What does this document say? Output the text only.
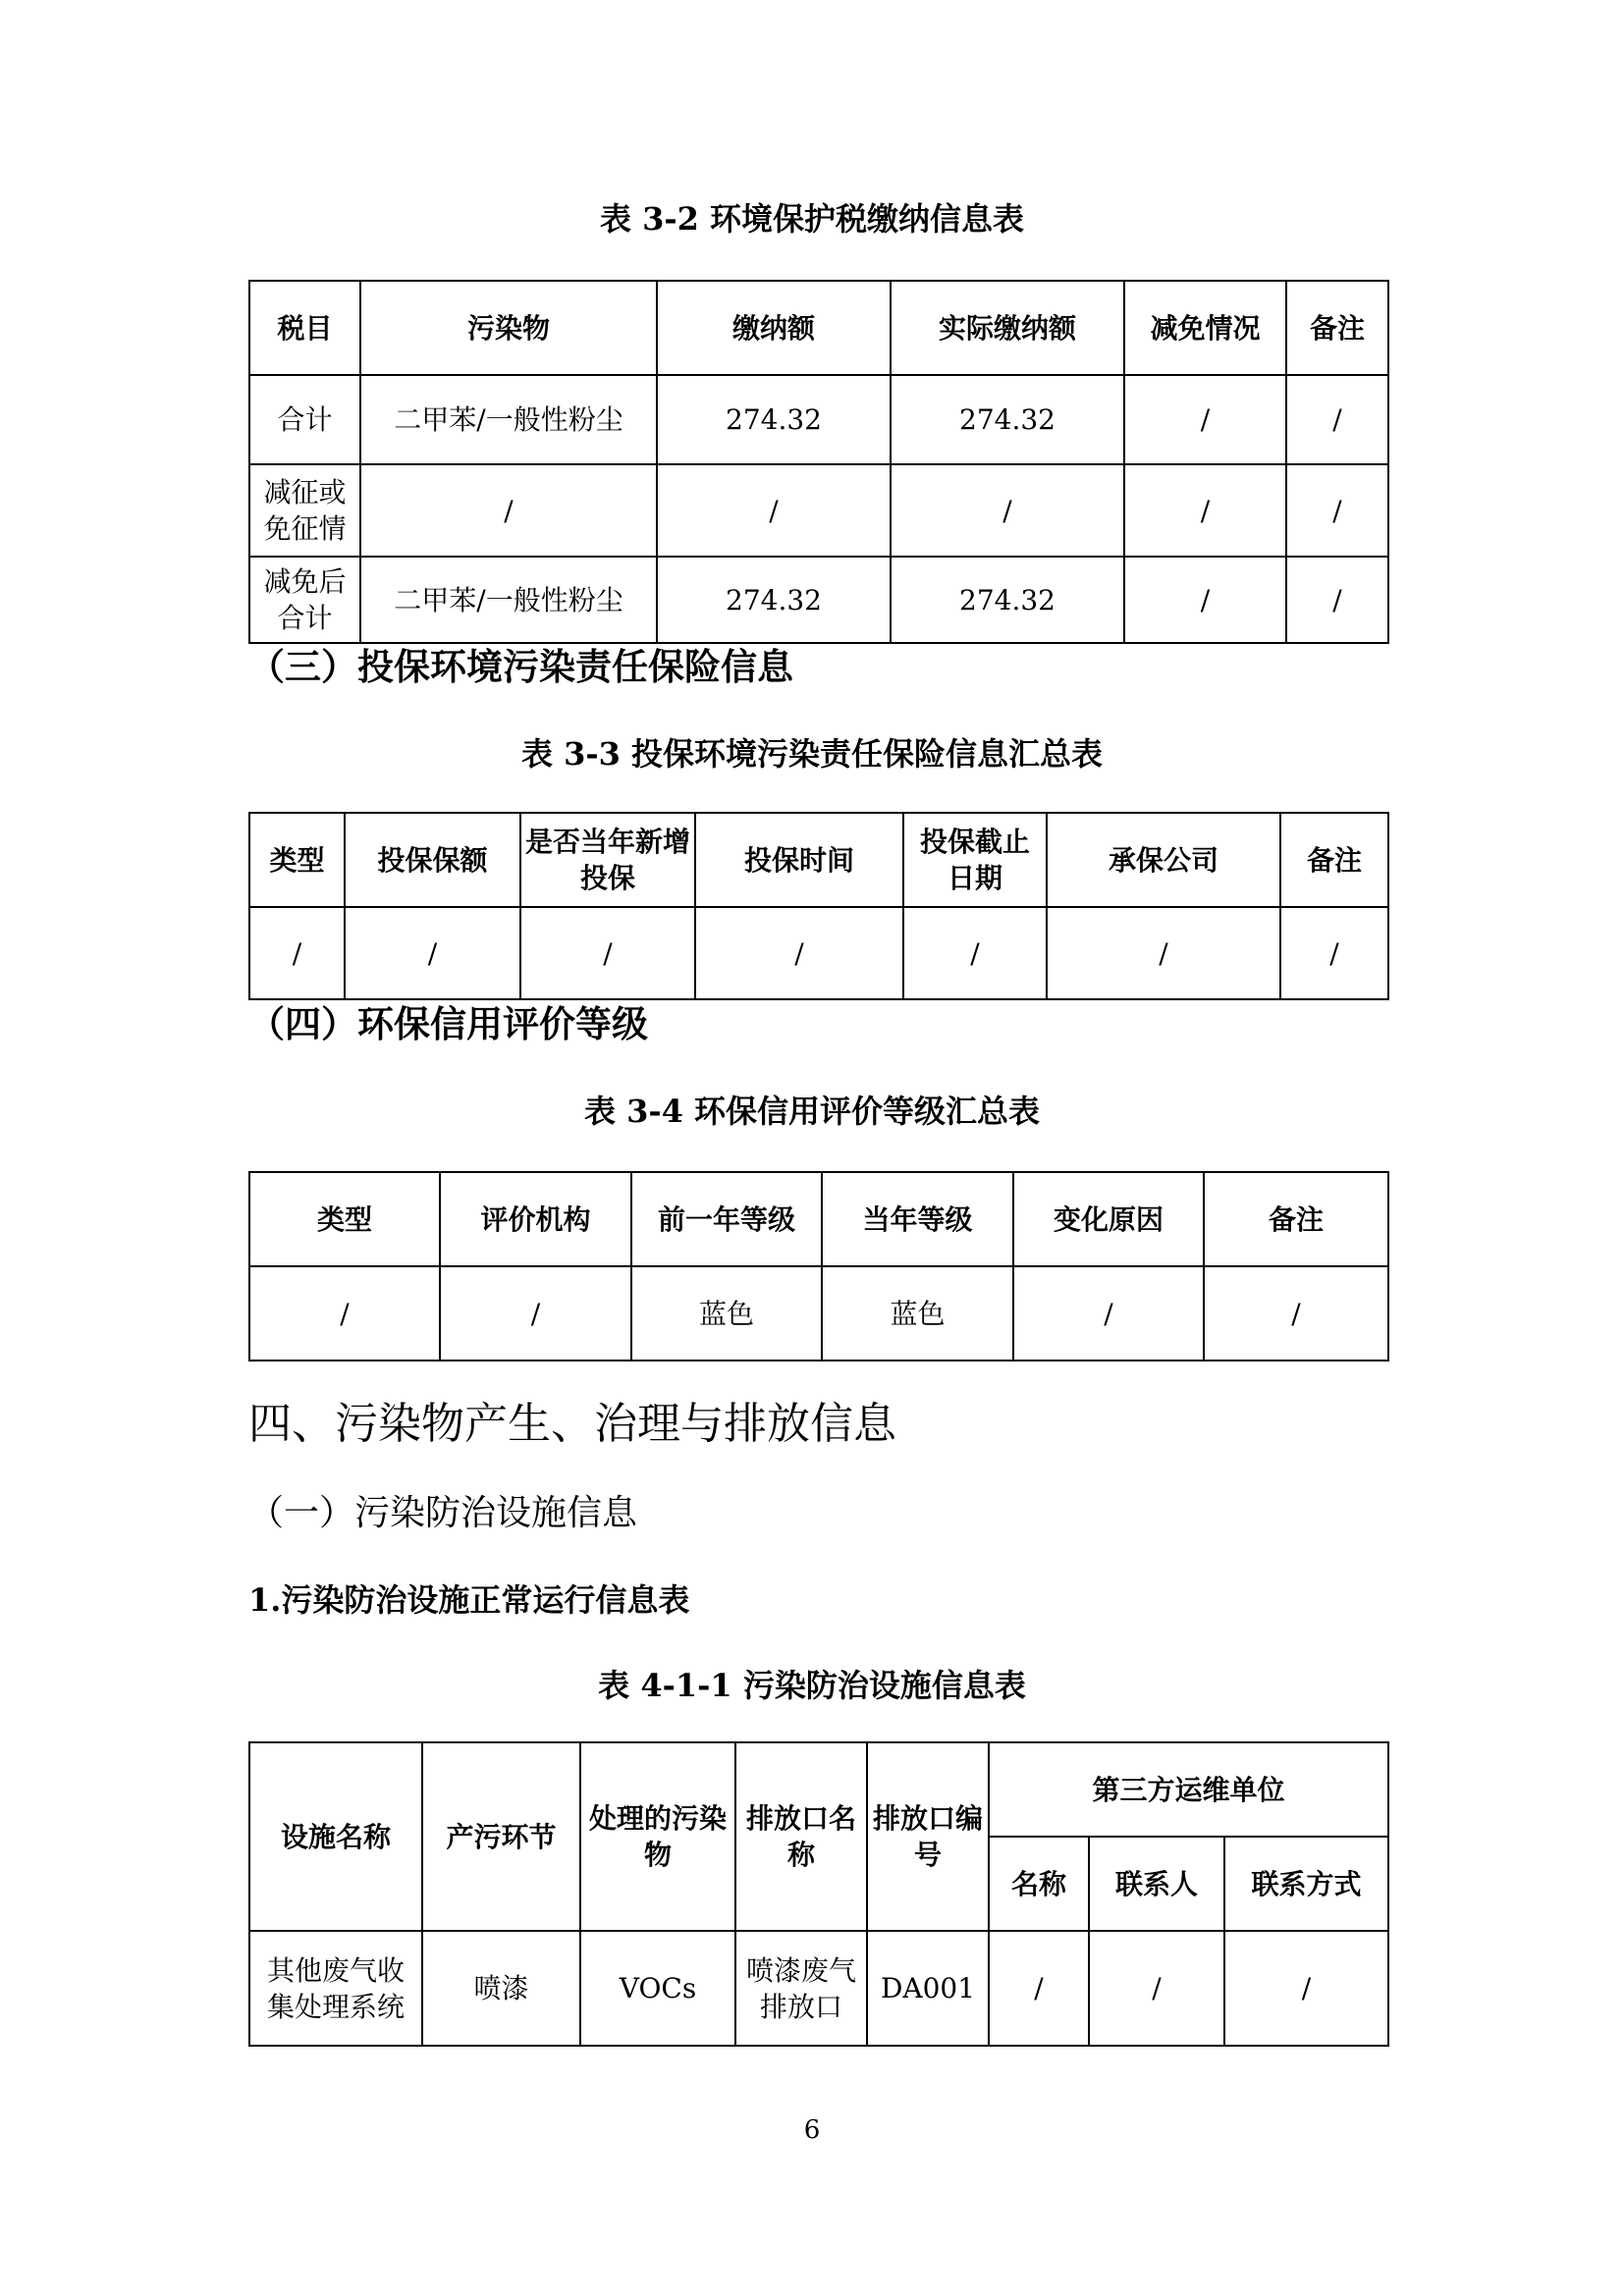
表 3-2 环境保护税缴纳信息表
税目	污染物	缴纳额	实际缴纳额	减免情况	备注
合计	二甲苯/一般性粉尘	274.32	274.32	/	/
减征或免征情	/	/	/	/	/
减免后合计	二甲苯/一般性粉尘	274.32	274.32	/	/
（三）投保环境污染责任保险信息
表 3-3 投保环境污染责任保险信息汇总表
类型	投保保额	是否当年新增投保	投保时间	投保截止日期	承保公司	备注
/	/	/	/	/	/	/
（四）环保信用评价等级
表 3-4 环保信用评价等级汇总表
类型	评价机构	前一年等级	当年等级	变化原因	备注
/	/	蓝色	蓝色	/	/
四、污染物产生、治理与排放信息
（一）污染防治设施信息
1.污染防治设施正常运行信息表
表 4-1-1 污染防治设施信息表
设施名称	产污环节	处理的污染物	排放口名称	排放口编号	第三方运维单位		
					名称	联系人	联系方式
其他废气收集处理系统	喷漆	VOCs	喷漆废气排放口	DA001	/	/	/
6
